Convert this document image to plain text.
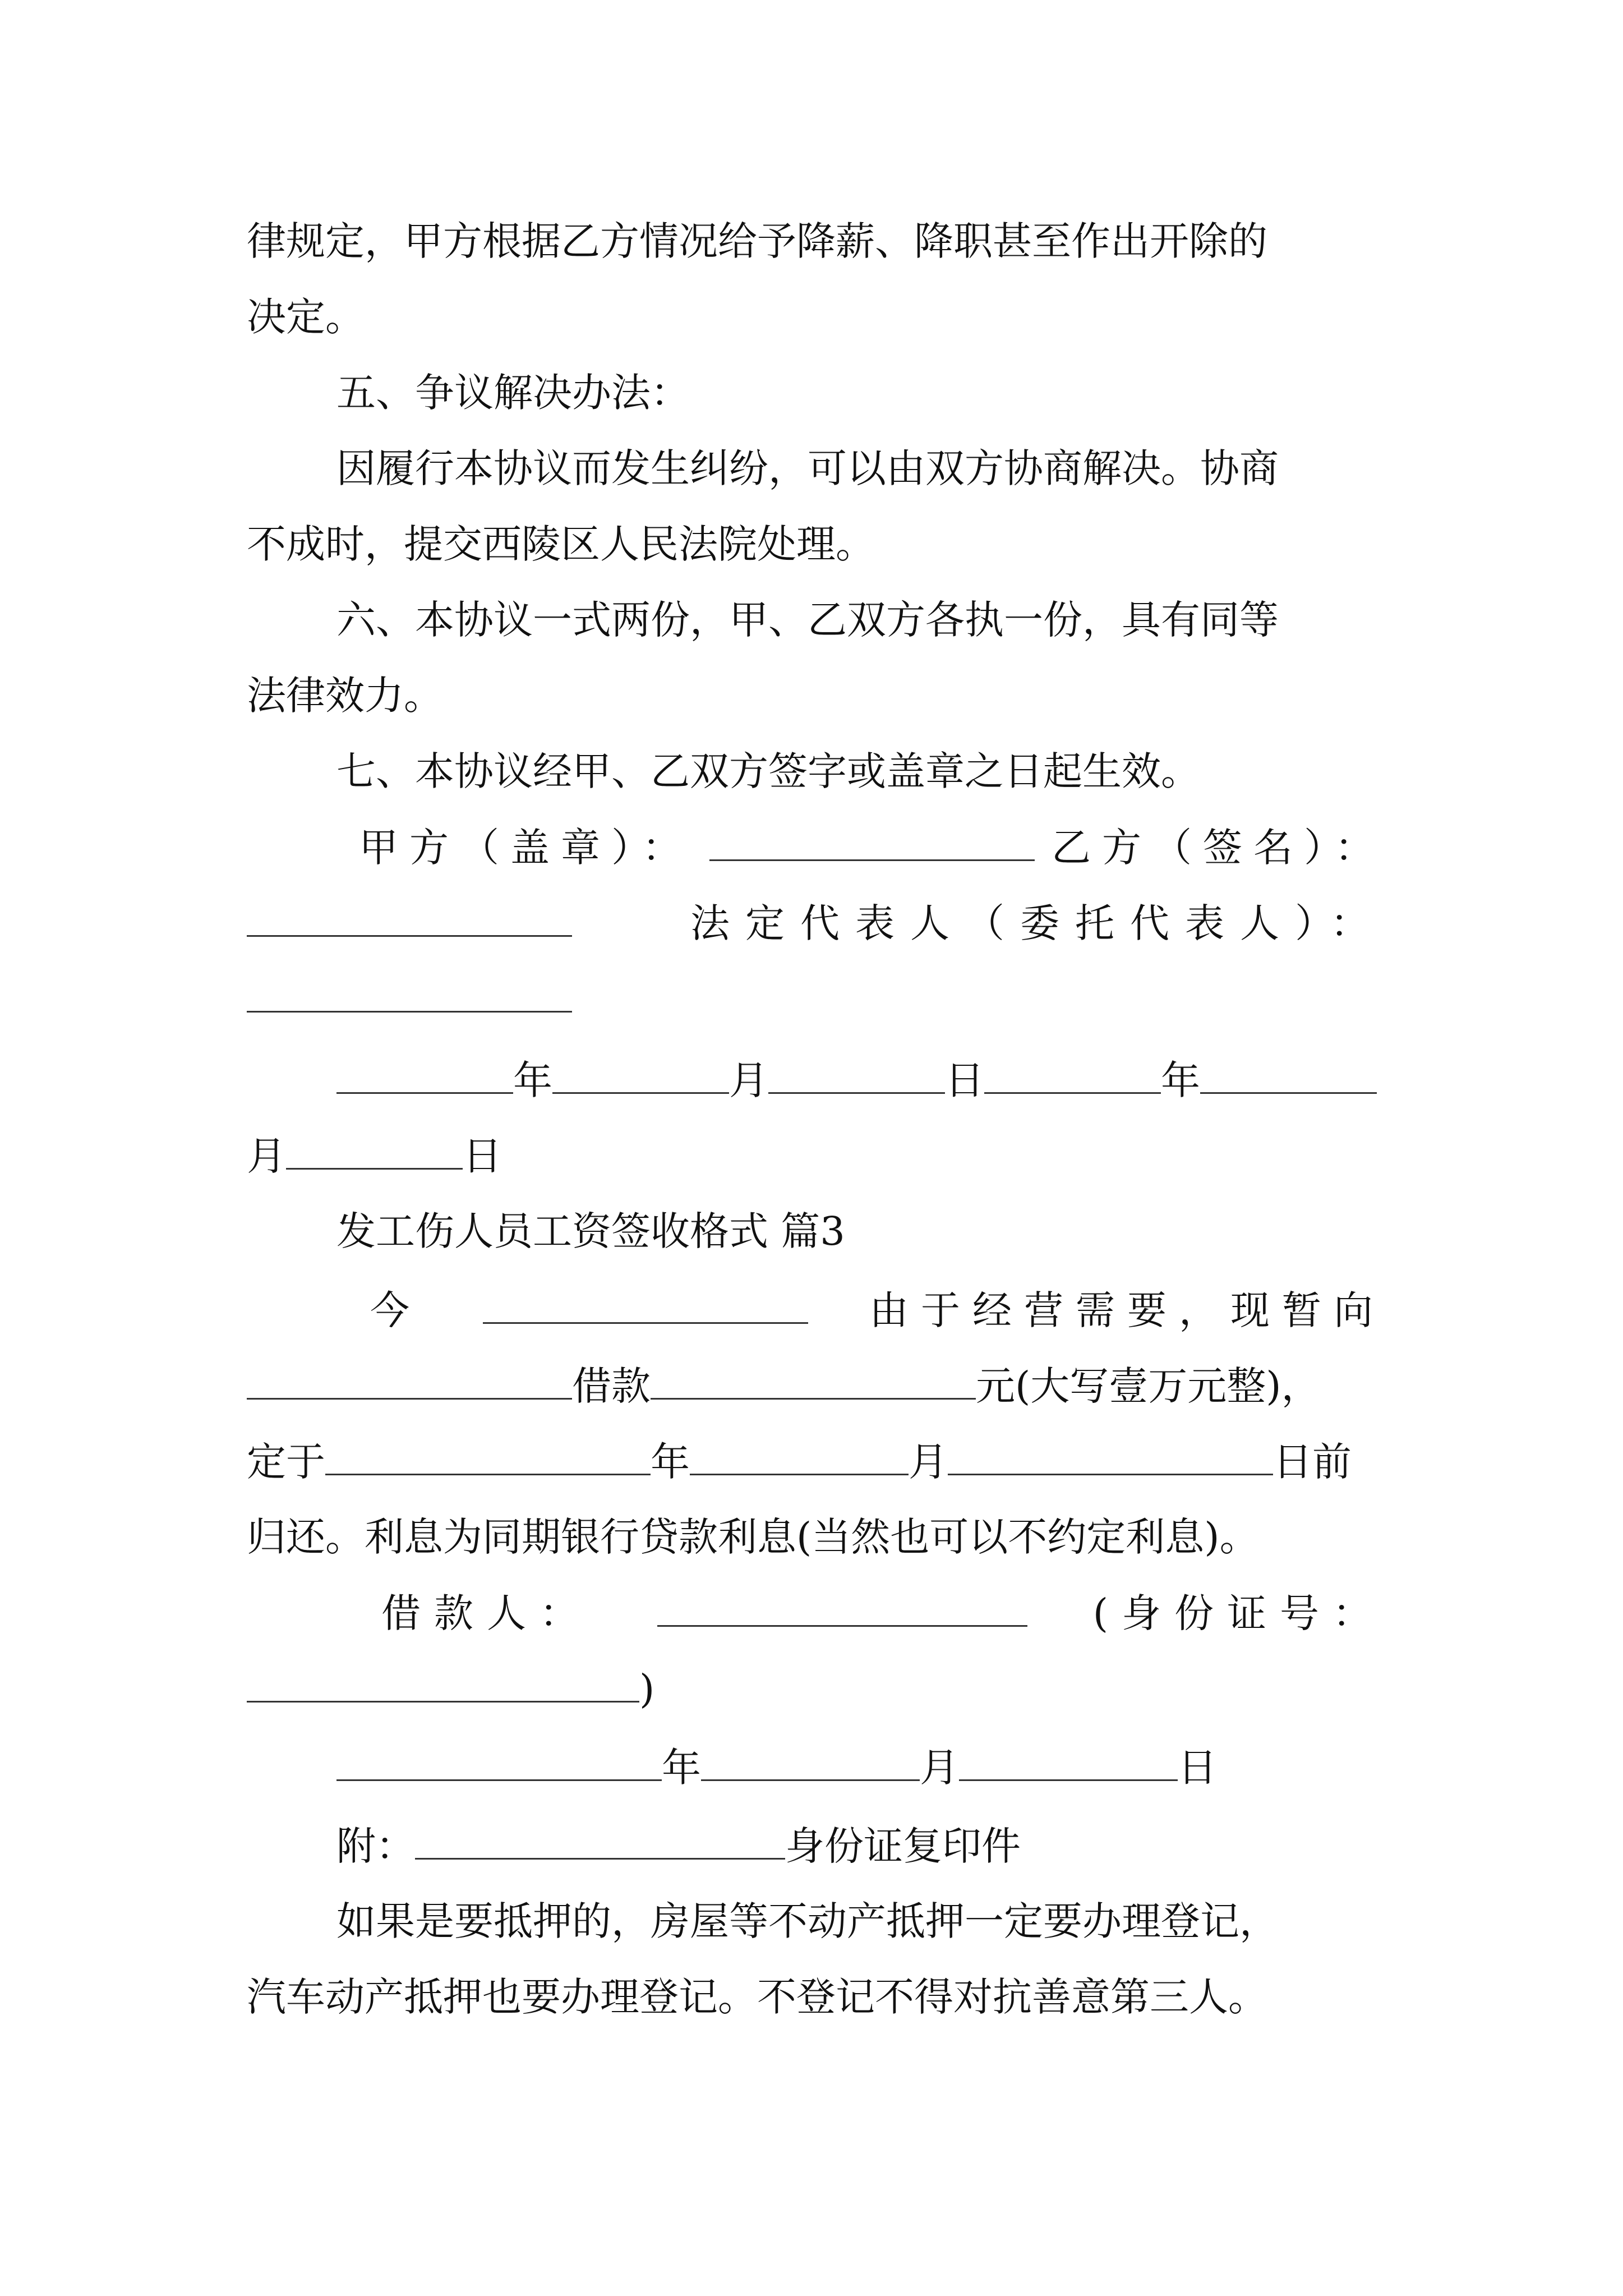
律规定，甲方根据乙方情况给予降薪、降职甚至作出开除的
决定。
五、争议解决办法：
因履行本协议而发生纠纷，可以由双方协商解决。协商
不成时，提交西陵区人民法院处理。
六、本协议一式两份，甲、乙双方各执一份，具有同等
法律效力。
七、本协议经甲、乙双方签字或盖章之日起生效。
甲方（盖章）：	乙方（签名）：
法定代表人（委托代表人）：
年	月	日	年
月	日
发工伤人员工资签收格式 篇3
今	由于经营需要，现暂向
借款	元(大写壹万元整)，
定于	年	月	日前
归还。利息为同期银行贷款利息(当然也可以不约定利息)。
借款人：	(身份证号：
)
年	月	日
附：	身份证复印件
如果是要抵押的，房屋等不动产抵押一定要办理登记，
汽车动产抵押也要办理登记。不登记不得对抗善意第三人。
